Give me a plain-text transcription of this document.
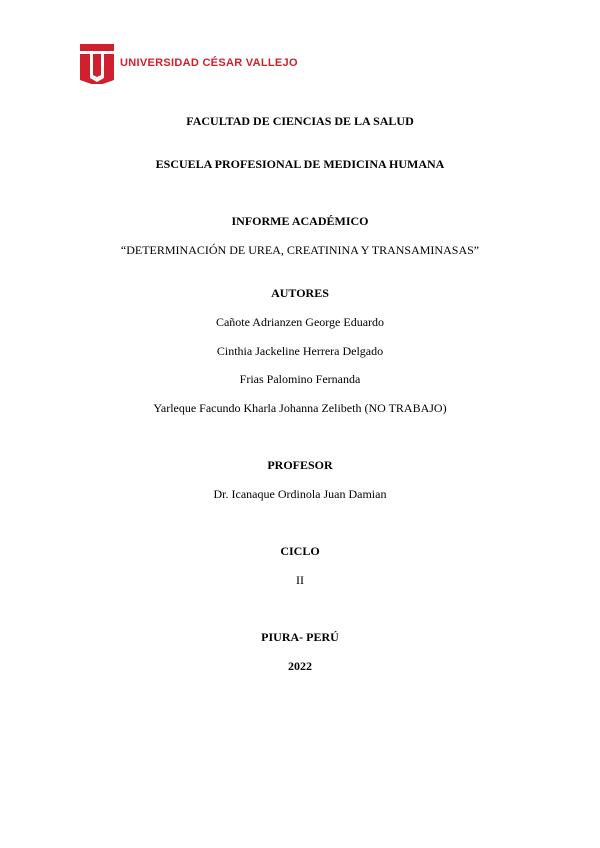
UNIVERSIDAD CÉSAR VALLEJO
FACULTAD DE CIENCIAS DE LA SALUD
ESCUELA PROFESIONAL DE MEDICINA HUMANA
INFORME ACADÉMICO
“DETERMINACIÓN DE UREA, CREATININA Y TRANSAMINASAS”
AUTORES
Cañote Adrianzen George Eduardo
Cinthia Jackeline Herrera Delgado
Frias Palomino Fernanda
Yarleque Facundo Kharla Johanna Zelibeth (NO TRABAJO)
PROFESOR
Dr. Icanaque Ordinola Juan Damian
CICLO
II
PIURA- PERÚ
2022
